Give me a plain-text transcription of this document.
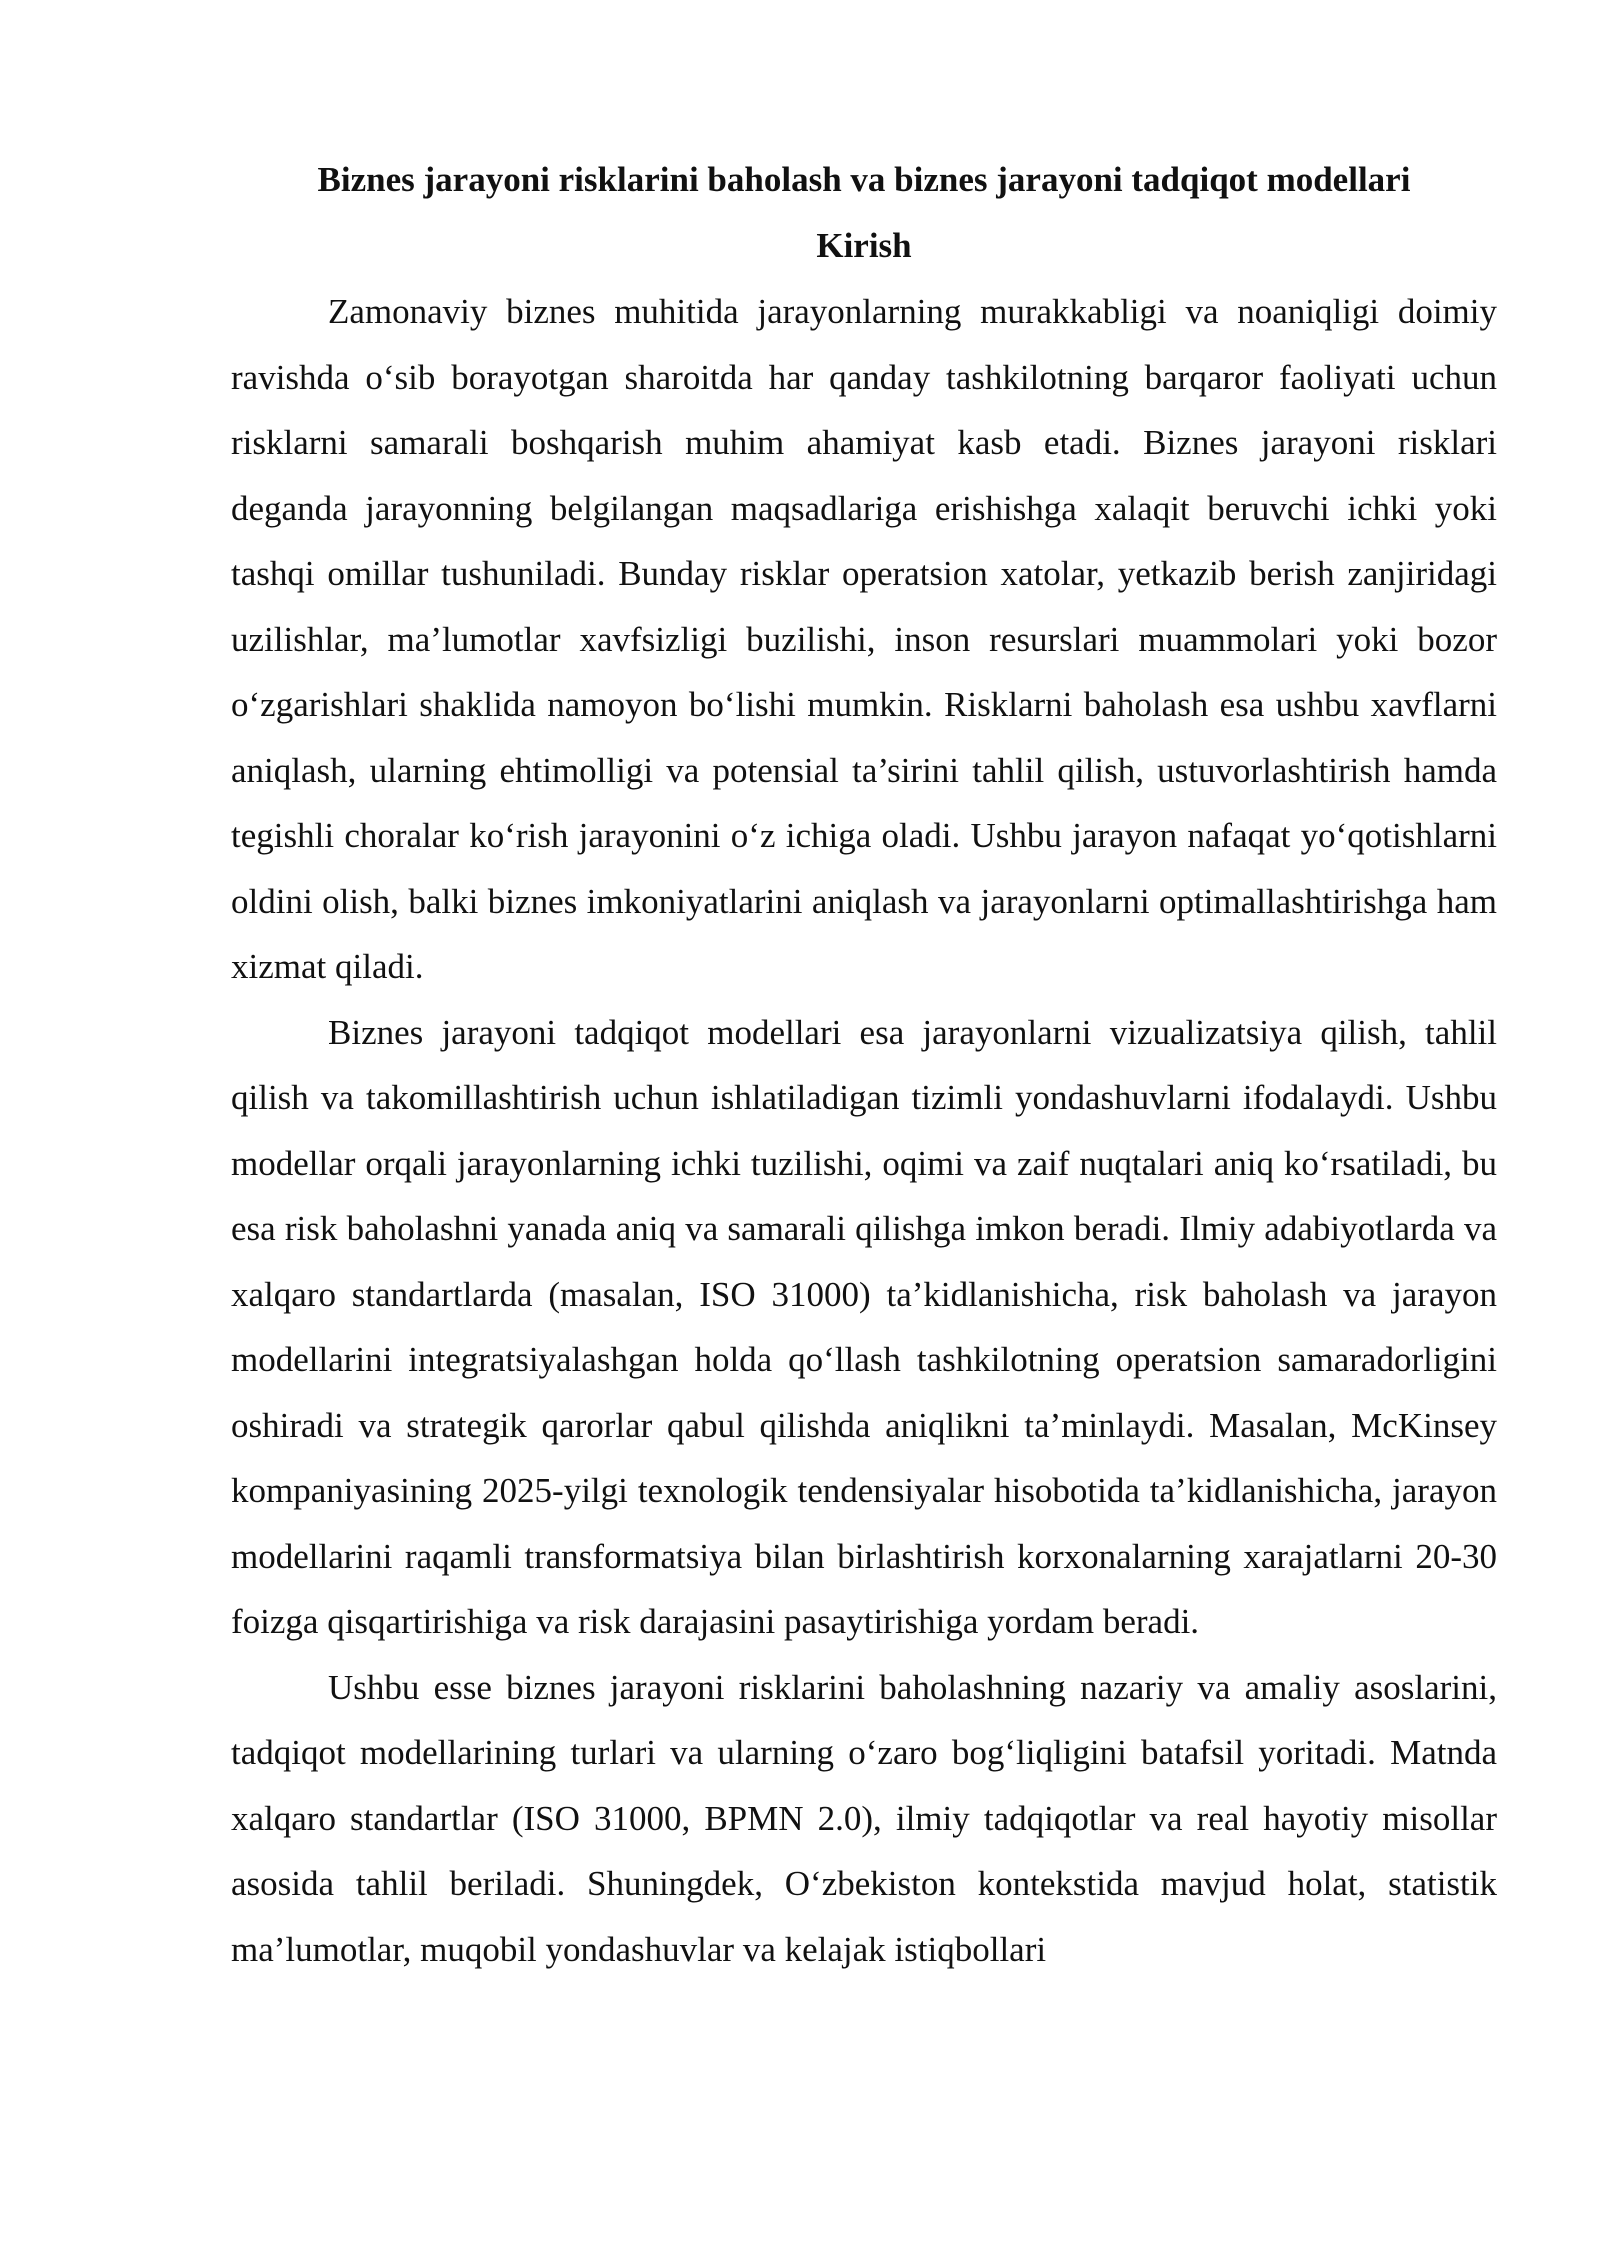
Biznes jarayoni risklarini baholash va biznes jarayoni tadqiqot modellari
Kirish

Zamonaviy biznes muhitida jarayonlarning murakkabligi va noaniqligi doimiy ravishda o‘sib borayotgan sharoitda har qanday tashkilotning barqaror faoliyati uchun risklarni samarali boshqarish muhim ahamiyat kasb etadi. Biznes jarayoni risklari deganda jarayonning belgilangan maqsadlariga erishishga xalaqit beruvchi ichki yoki tashqi omillar tushuniladi. Bunday risklar operatsion xatolar, yetkazib berish zanjiridagi uzilishlar, ma’lumotlar xavfsizligi buzilishi, inson resurslari muammolari yoki bozor o‘zgarishlari shaklida namoyon bo‘lishi mumkin. Risklarni baholash esa ushbu xavflarni aniqlash, ularning ehtimolligi va potensial ta’sirini tahlil qilish, ustuvorlashtirish hamda tegishli choralar ko‘rish jarayonini o‘z ichiga oladi. Ushbu jarayon nafaqat yo‘qotishlarni oldini olish, balki biznes imkoniyatlarini aniqlash va jarayonlarni optimallashtirishga ham xizmat qiladi.

Biznes jarayoni tadqiqot modellari esa jarayonlarni vizualizatsiya qilish, tahlil qilish va takomillashtirish uchun ishlatiladigan tizimli yondashuvlarni ifodalaydi. Ushbu modellar orqali jarayonlarning ichki tuzilishi, oqimi va zaif nuqtalari aniq ko‘rsatiladi, bu esa risk baholashni yanada aniq va samarali qilishga imkon beradi. Ilmiy adabiyotlarda va xalqaro standartlarda (masalan, ISO 31000) ta’kidlanishicha, risk baholash va jarayon modellarini integratsiyalashgan holda qo‘llash tashkilotning operatsion samaradorligini oshiradi va strategik qarorlar qabul qilishda aniqlikni ta’minlaydi. Masalan, McKinsey kompaniyasining 2025-yilgi texnologik tendensiyalar hisobotida ta’kidlanishicha, jarayon modellarini raqamli transformatsiya bilan birlashtirish korxonalarning xarajatlarni 20-30 foizga qisqartirishiga va risk darajasini pasaytirishiga yordam beradi.

Ushbu esse biznes jarayoni risklarini baholashning nazariy va amaliy asoslarini, tadqiqot modellarining turlari va ularning o‘zaro bog‘liqligini batafsil yoritadi. Matnda xalqaro standartlar (ISO 31000, BPMN 2.0), ilmiy tadqiqotlar va real hayotiy misollar asosida tahlil beriladi. Shuningdek, O‘zbekiston kontekstida mavjud holat, statistik ma’lumotlar, muqobil yondashuvlar va kelajak istiqbollari
